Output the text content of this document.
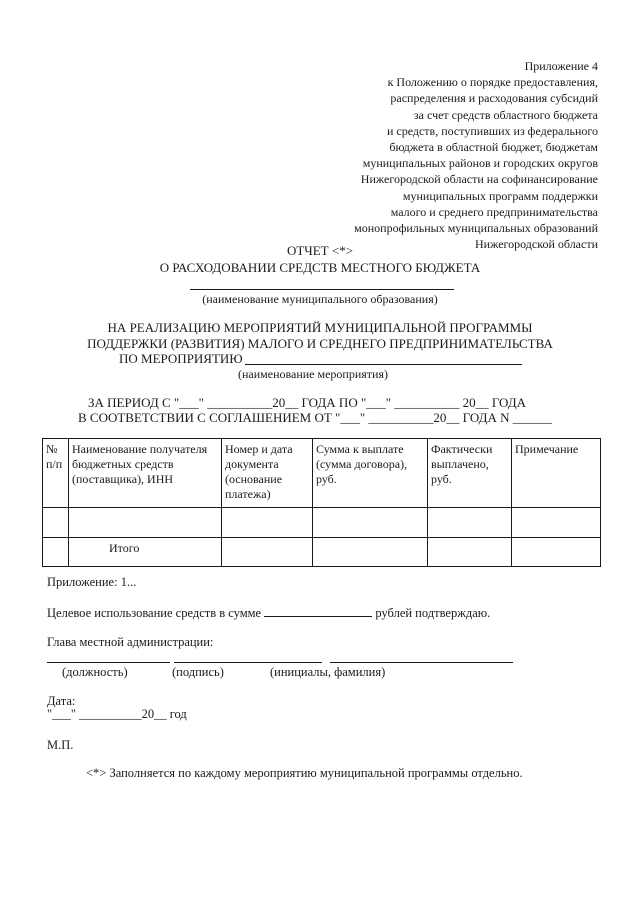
Приложение 4
к Положению о порядке предоставления,
распределения и расходования субсидий
за счет средств областного бюджета
и средств, поступивших из федерального
бюджета в областной бюджет, бюджетам
муниципальных районов и городских округов
Нижегородской области на софинансирование
муниципальных программ поддержки
малого и среднего предпринимательства
монопрофильных муниципальных образований
Нижегородской области
ОТЧЕТ <*>
О РАСХОДОВАНИИ СРЕДСТВ МЕСТНОГО БЮДЖЕТА
(наименование муниципального образования)
НА РЕАЛИЗАЦИЮ МЕРОПРИЯТИЙ МУНИЦИПАЛЬНОЙ ПРОГРАММЫ
ПОДДЕРЖКИ (РАЗВИТИЯ) МАЛОГО И СРЕДНЕГО ПРЕДПРИНИМАТЕЛЬСТВА
ПО МЕРОПРИЯТИЮ
(наименование мероприятия)
ЗА ПЕРИОД С "___" __________20__ ГОДА ПО "___" __________ 20__ ГОДА
В СООТВЕТСТВИИ С СОГЛАШЕНИЕМ ОТ "___" __________20__ ГОДА N ______
№ п/п	Наименование получателя бюджетных средств (поставщика), ИНН	Номер и дата документа (основание платежа)	Сумма к выплате (сумма договора), руб.	Фактически выплачено, руб.	Примечание

	Итого				
Приложение: 1...
Целевое использование средств в сумме	рублей подтверждаю.
Глава местной администрации:
(должность)	(подпись)	(инициалы, фамилия)
Дата:
"___" __________20__ год
М.П.
<*> Заполняется по каждому мероприятию муниципальной программы отдельно.
